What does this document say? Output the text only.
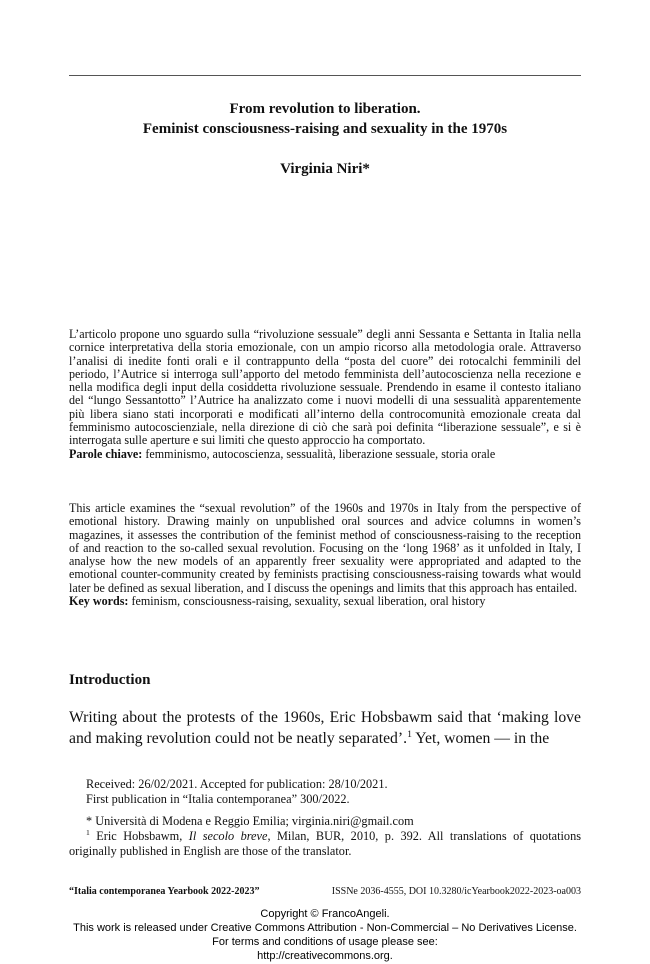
From revolution to liberation.
Feminist consciousness-raising and sexuality in the 1970s
Virginia Niri*

L’articolo propone uno sguardo sulla “rivoluzione sessuale” degli anni Sessanta e Settanta in Italia nella cornice interpretativa della storia emozionale, con un ampio ricorso alla metodologia orale. Attraverso l’analisi di inedite fonti orali e il contrappunto della “posta del cuore” dei rotocalchi femminili del periodo, l’Autrice si interroga sull’apporto del metodo femminista dell’autocoscienza nella recezione e nella modifica degli input della cosiddetta rivoluzione sessuale. Prendendo in esame il contesto italiano del “lungo Sessantotto” l’Autrice ha analizzato come i nuovi modelli di una sessualità apparentemente più libera siano stati incorporati e modificati all’interno della controcomunità emozionale creata dal femminismo autocoscienziale, nella direzione di ciò che sarà poi definita “liberazione sessuale”, e si è interrogata sulle aperture e sui limiti che questo approccio ha comportato.
Parole chiave: femminismo, autocoscienza, sessualità, liberazione sessuale, storia orale

This article examines the “sexual revolution” of the 1960s and 1970s in Italy from the perspective of emotional history. Drawing mainly on unpublished oral sources and advice columns in women’s magazines, it assesses the contribution of the feminist method of consciousness-raising to the reception of and reaction to the so-called sexual revolution. Focusing on the ‘long 1968’ as it unfolded in Italy, I analyse how the new models of an apparently freer sexuality were appropriated and adapted to the emotional counter-community created by feminists practising consciousness-raising towards what would later be defined as sexual liberation, and I discuss the openings and limits that this approach has entailed.
Key words: feminism, consciousness-raising, sexuality, sexual liberation, oral history

Introduction

Writing about the protests of the 1960s, Eric Hobsbawm said that ‘making love and making revolution could not be neatly separated’.$^1$ Yet, women — in the

Received: 26/02/2021. Accepted for publication: 28/10/2021.

First publication in “Italia contemporanea” 300/2022.

* Università di Modena e Reggio Emilia; virginia.niri@gmail.com

$^1$ Eric Hobsbawm, Il secolo breve, Milan, BUR, 2010, p. 392. All translations of quotations originally published in English are those of the translator.

“Italia contemporanea Yearbook 2022-2023”	ISSNe 2036-4555, DOI 10.3280/icYearbook2022-2023-oa003
Copyright © FrancoAngeli.
This work is released under Creative Commons Attribution - Non-Commercial – No Derivatives License.
For terms and conditions of usage please see:
http://creativecommons.org.
